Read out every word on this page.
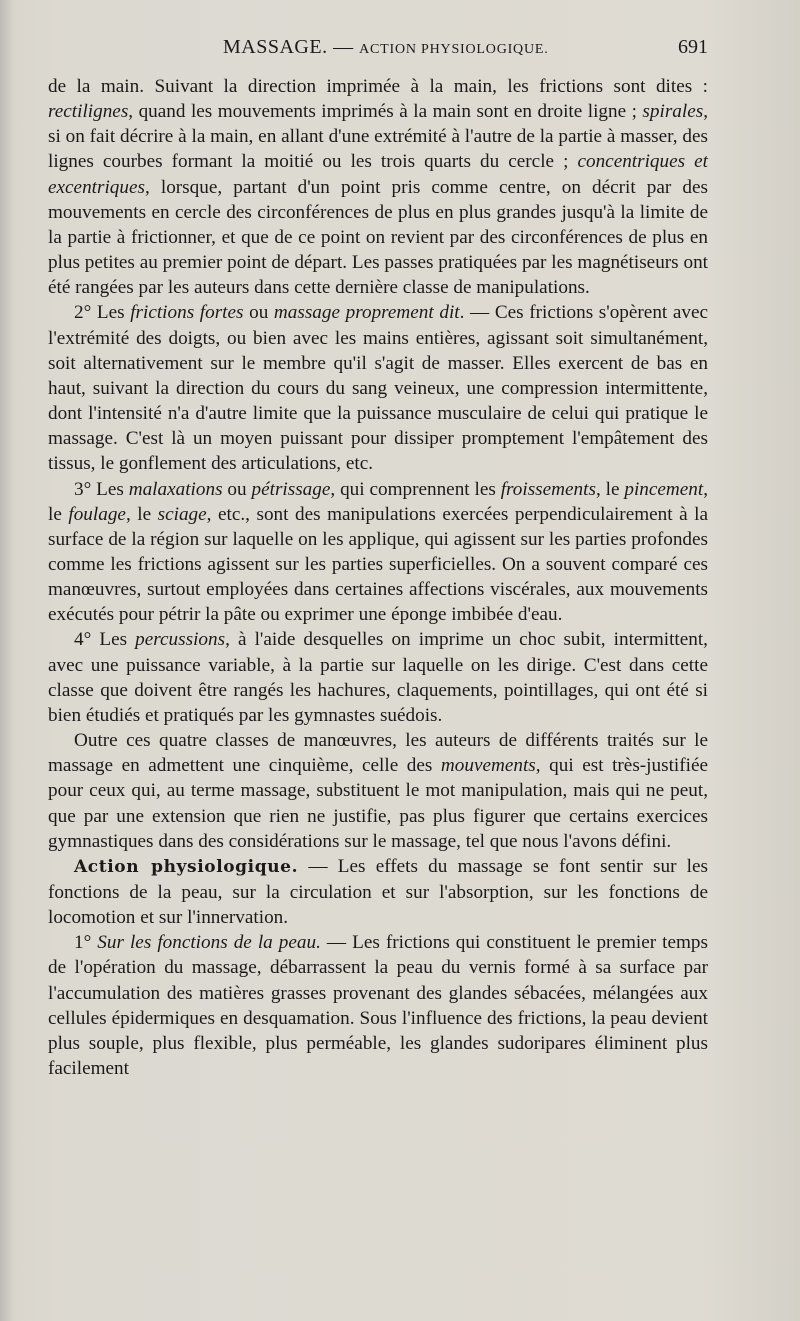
MASSAGE. — ACTION PHYSIOLOGIQUE.	691

de la main. Suivant la direction imprimée à la main, les frictions sont dites : rectilignes, quand les mouvements imprimés à la main sont en droite ligne ; spirales, si on fait décrire à la main, en allant d'une extrémité à l'autre de la partie à masser, des lignes courbes formant la moitié ou les trois quarts du cercle ; concentriques et excentriques, lorsque, partant d'un point pris comme centre, on décrit par des mouvements en cercle des circonférences de plus en plus grandes jusqu'à la limite de la partie à frictionner, et que de ce point on revient par des circonférences de plus en plus petites au premier point de départ. Les passes pratiquées par les magnétiseurs ont été rangées par les auteurs dans cette dernière classe de manipulations.

2° Les frictions fortes ou massage proprement dit. — Ces frictions s'opèrent avec l'extrémité des doigts, ou bien avec les mains entières, agissant soit simultanément, soit alternativement sur le membre qu'il s'agit de masser. Elles exercent de bas en haut, suivant la direction du cours du sang veineux, une compression intermittente, dont l'intensité n'a d'autre limite que la puissance musculaire de celui qui pratique le massage. C'est là un moyen puissant pour dissiper promptement l'empâtement des tissus, le gonflement des articulations, etc.

3° Les malaxations ou pétrissage, qui comprennent les froissements, le pincement, le foulage, le sciage, etc., sont des manipulations exercées perpendiculairement à la surface de la région sur laquelle on les applique, qui agissent sur les parties profondes comme les frictions agissent sur les parties superficielles. On a souvent comparé ces manœuvres, surtout employées dans certaines affections viscérales, aux mouvements exécutés pour pétrir la pâte ou exprimer une éponge imbibée d'eau.

4° Les percussions, à l'aide desquelles on imprime un choc subit, intermittent, avec une puissance variable, à la partie sur laquelle on les dirige. C'est dans cette classe que doivent être rangés les hachures, claquements, pointillages, qui ont été si bien étudiés et pratiqués par les gymnastes suédois.

Outre ces quatre classes de manœuvres, les auteurs de différents traités sur le massage en admettent une cinquième, celle des mouvements, qui est très-justifiée pour ceux qui, au terme massage, substituent le mot manipulation, mais qui ne peut, que par une extension que rien ne justifie, pas plus figurer que certains exercices gymnastiques dans des considérations sur le massage, tel que nous l'avons défini.

Action physiologique. — Les effets du massage se font sentir sur les fonctions de la peau, sur la circulation et sur l'absorption, sur les fonctions de locomotion et sur l'innervation.

1° Sur les fonctions de la peau. — Les frictions qui constituent le premier temps de l'opération du massage, débarrassent la peau du vernis formé à sa surface par l'accumulation des matières grasses provenant des glandes sébacées, mélangées aux cellules épidermiques en desquamation. Sous l'influence des frictions, la peau devient plus souple, plus flexible, plus perméable, les glandes sudoripares éliminent plus facilement
